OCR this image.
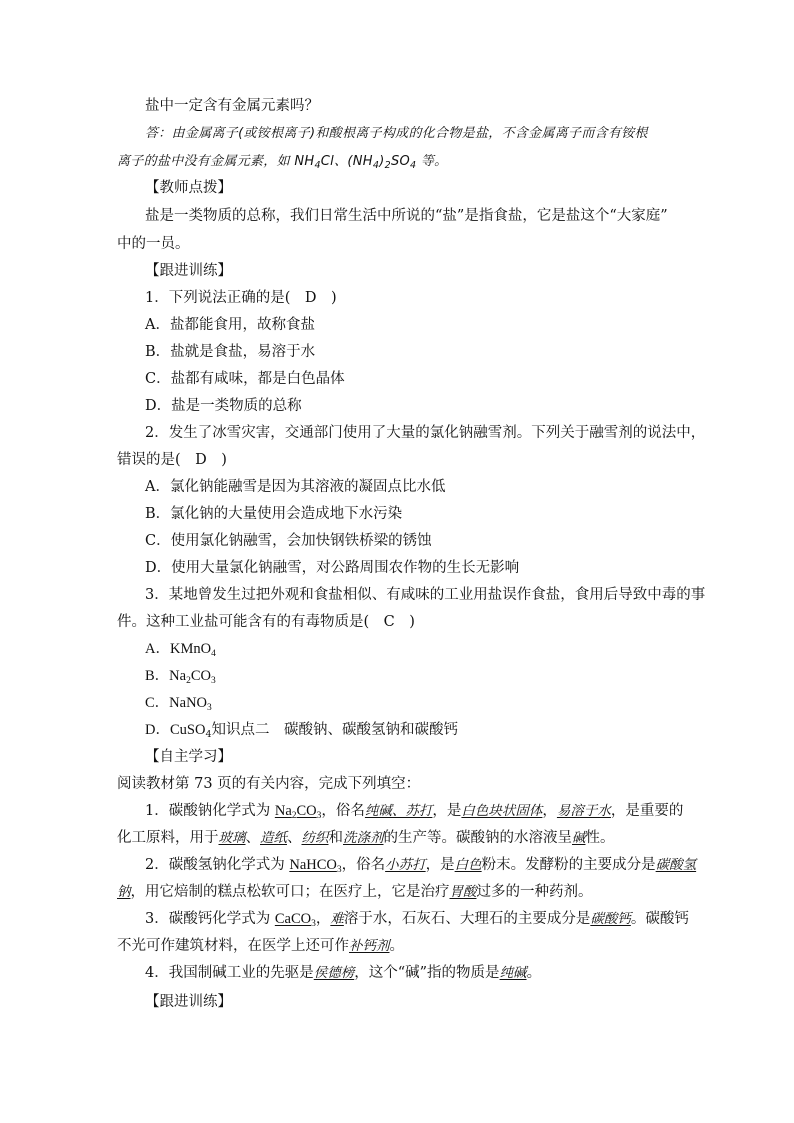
盐中一定含有金属元素吗？
答：由金属离子(或铵根离子)和酸根离子构成的化合物是盐，不含金属离子而含有铵根
离子的盐中没有金属元素，如 $NH_4Cl$、$(NH_4)_2SO_4$ 等。
【教师点拨】
盐是一类物质的总称，我们日常生活中所说的“盐”是指食盐，它是盐这个“大家庭”
中的一员。
【跟进训练】
1．下列说法正确的是(　D　)
A．盐都能食用，故称食盐
B．盐就是食盐，易溶于水
C．盐都有咸味，都是白色晶体
D．盐是一类物质的总称
2．发生了冰雪灾害，交通部门使用了大量的氯化钠融雪剂。下列关于融雪剂的说法中，
错误的是(　D　)
A．氯化钠能融雪是因为其溶液的凝固点比水低
B．氯化钠的大量使用会造成地下水污染
C．使用氯化钠融雪，会加快钢铁桥梁的锈蚀
D．使用大量氯化钠融雪，对公路周围农作物的生长无影响
3．某地曾发生过把外观和食盐相似、有咸味的工业用盐误作食盐，食用后导致中毒的事
件。这种工业盐可能含有的有毒物质是(　C　)
A．KMnO$_4$
B．$Na_2CO_3$
C．NaNO$_3$
D．CuSO$_4$知识点二　碳酸钠、碳酸氢钠和碳酸钙
【自主学习】
阅读教材第 73 页的有关内容，完成下列填空：
1．碳酸钠化学式为 $Na_2CO_3$，俗名纯碱、苏打，是白色块状固体，易溶于水，是重要的
化工原料，用于玻璃、造纸、纺织和洗涤剂的生产等。碳酸钠的水溶液呈碱性。
2．碳酸氢钠化学式为 NaHCO$_3$，俗名小苏打，是白色粉末。发酵粉的主要成分是碳酸氢
钠，用它焙制的糕点松软可口；在医疗上，它是治疗胃酸过多的一种药剂。
3．碳酸钙化学式为 CaCO$_3$，难溶于水，石灰石、大理石的主要成分是碳酸钙。碳酸钙
不光可作建筑材料，在医学上还可作补钙剂。
4．我国制碱工业的先驱是侯德榜，这个“碱”指的物质是纯碱。
【跟进训练】
